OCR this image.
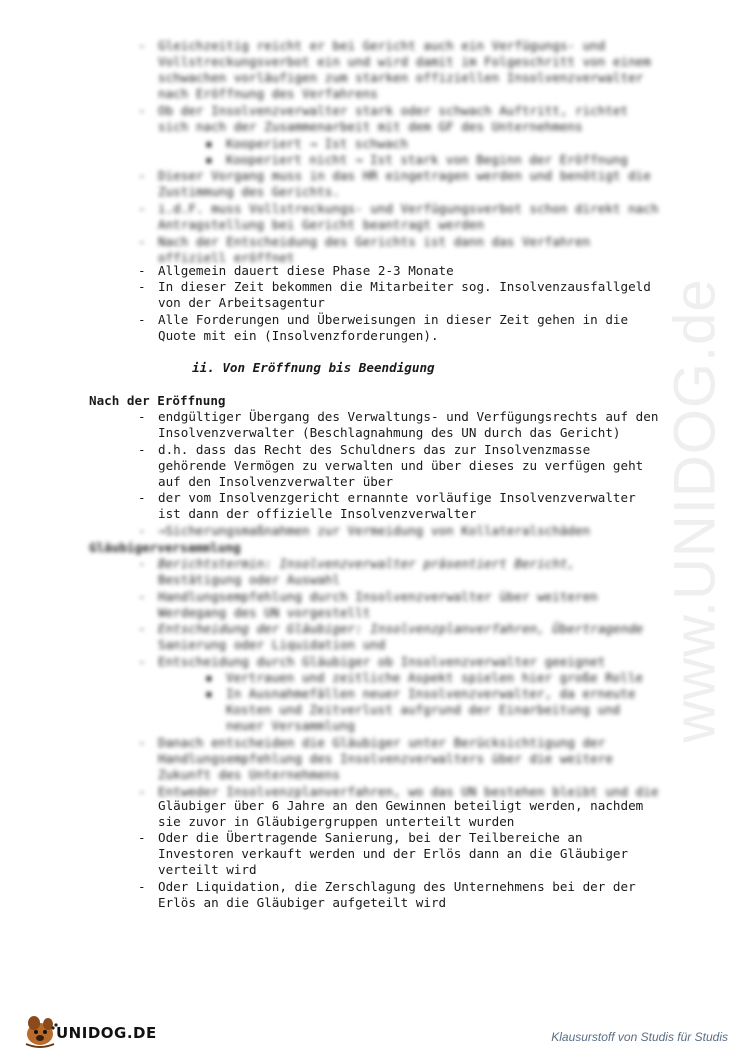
www.UNIDOG.de
- Gleichzeitig reicht er bei Gericht auch ein Verfügungs- und
Vollstreckungsverbot ein und wird damit im Folgeschritt von einem
schwachen vorläufigen zum starken offiziellen Insolvenzverwalter
nach Eröffnung des Verfahrens
- Ob der Insolvenzverwalter stark oder schwach Auftritt, richtet
sich nach der Zusammenarbeit mit dem GF des Unternehmens
▪ Kooperiert → Ist schwach
▪ Kooperiert nicht → Ist stark von Beginn der Eröffnung
- Dieser Vorgang muss in das HR eingetragen werden und benötigt die
Zustimmung des Gerichts.
- i.d.F. muss Vollstreckungs- und Verfügungsverbot schon direkt nach
Antragstellung bei Gericht beantragt werden
- Nach der Entscheidung des Gerichts ist dann das Verfahren
offiziell eröffnet
- Allgemein dauert diese Phase 2-3 Monate
- In dieser Zeit bekommen die Mitarbeiter sog. Insolvenzausfallgeld
von der Arbeitsagentur
- Alle Forderungen und Überweisungen in dieser Zeit gehen in die
Quote mit ein (Insolvenzforderungen).
ii. Von Eröffnung bis Beendigung
Nach der Eröffnung
- endgültiger Übergang des Verwaltungs- und Verfügungsrechts auf den
Insolvenzverwalter (Beschlagnahmung des UN durch das Gericht)
- d.h. dass das Recht des Schuldners das zur Insolvenzmasse
gehörende Vermögen zu verwalten und über dieses zu verfügen geht
auf den Insolvenzverwalter über
- der vom Insolvenzgericht ernannte vorläufige Insolvenzverwalter
ist dann der offizielle Insolvenzverwalter
- →Sicherungsmaßnahmen zur Vermeidung von Kollateralschäden
Gläubigerversammlung
- Berichtstermin: Insolvenzverwalter präsentiert Bericht,
Bestätigung oder Auswahl
- Handlungsempfehlung durch Insolvenzverwalter über weiteren
Werdegang des UN vorgestellt
- Entscheidung der Gläubiger: Insolvenzplanverfahren, Übertragende
Sanierung oder Liquidation und
- Entscheidung durch Gläubiger ob Insolvenzverwalter geeignet
▪ Vertrauen und zeitliche Aspekt spielen hier große Rolle
▪ In Ausnahmefällen neuer Insolvenzverwalter, da erneute
Kosten und Zeitverlust aufgrund der Einarbeitung und
neuer Versammlung
- Danach entscheiden die Gläubiger unter Berücksichtigung der
Handlungsempfehlung des Insolvenzverwalters über die weitere
Zukunft des Unternehmens
- Entweder Insolvenzplanverfahren, wo das UN bestehen bleibt und die
Gläubiger über 6 Jahre an den Gewinnen beteiligt werden, nachdem
sie zuvor in Gläubigergruppen unterteilt wurden
- Oder die Übertragende Sanierung, bei der Teilbereiche an
Investoren verkauft werden und der Erlös dann an die Gläubiger
verteilt wird
- Oder Liquidation, die Zerschlagung des Unternehmens bei der der
Erlös an die Gläubiger aufgeteilt wird
UNIDOG.DE	Klausurstoff von Studis für Studis
